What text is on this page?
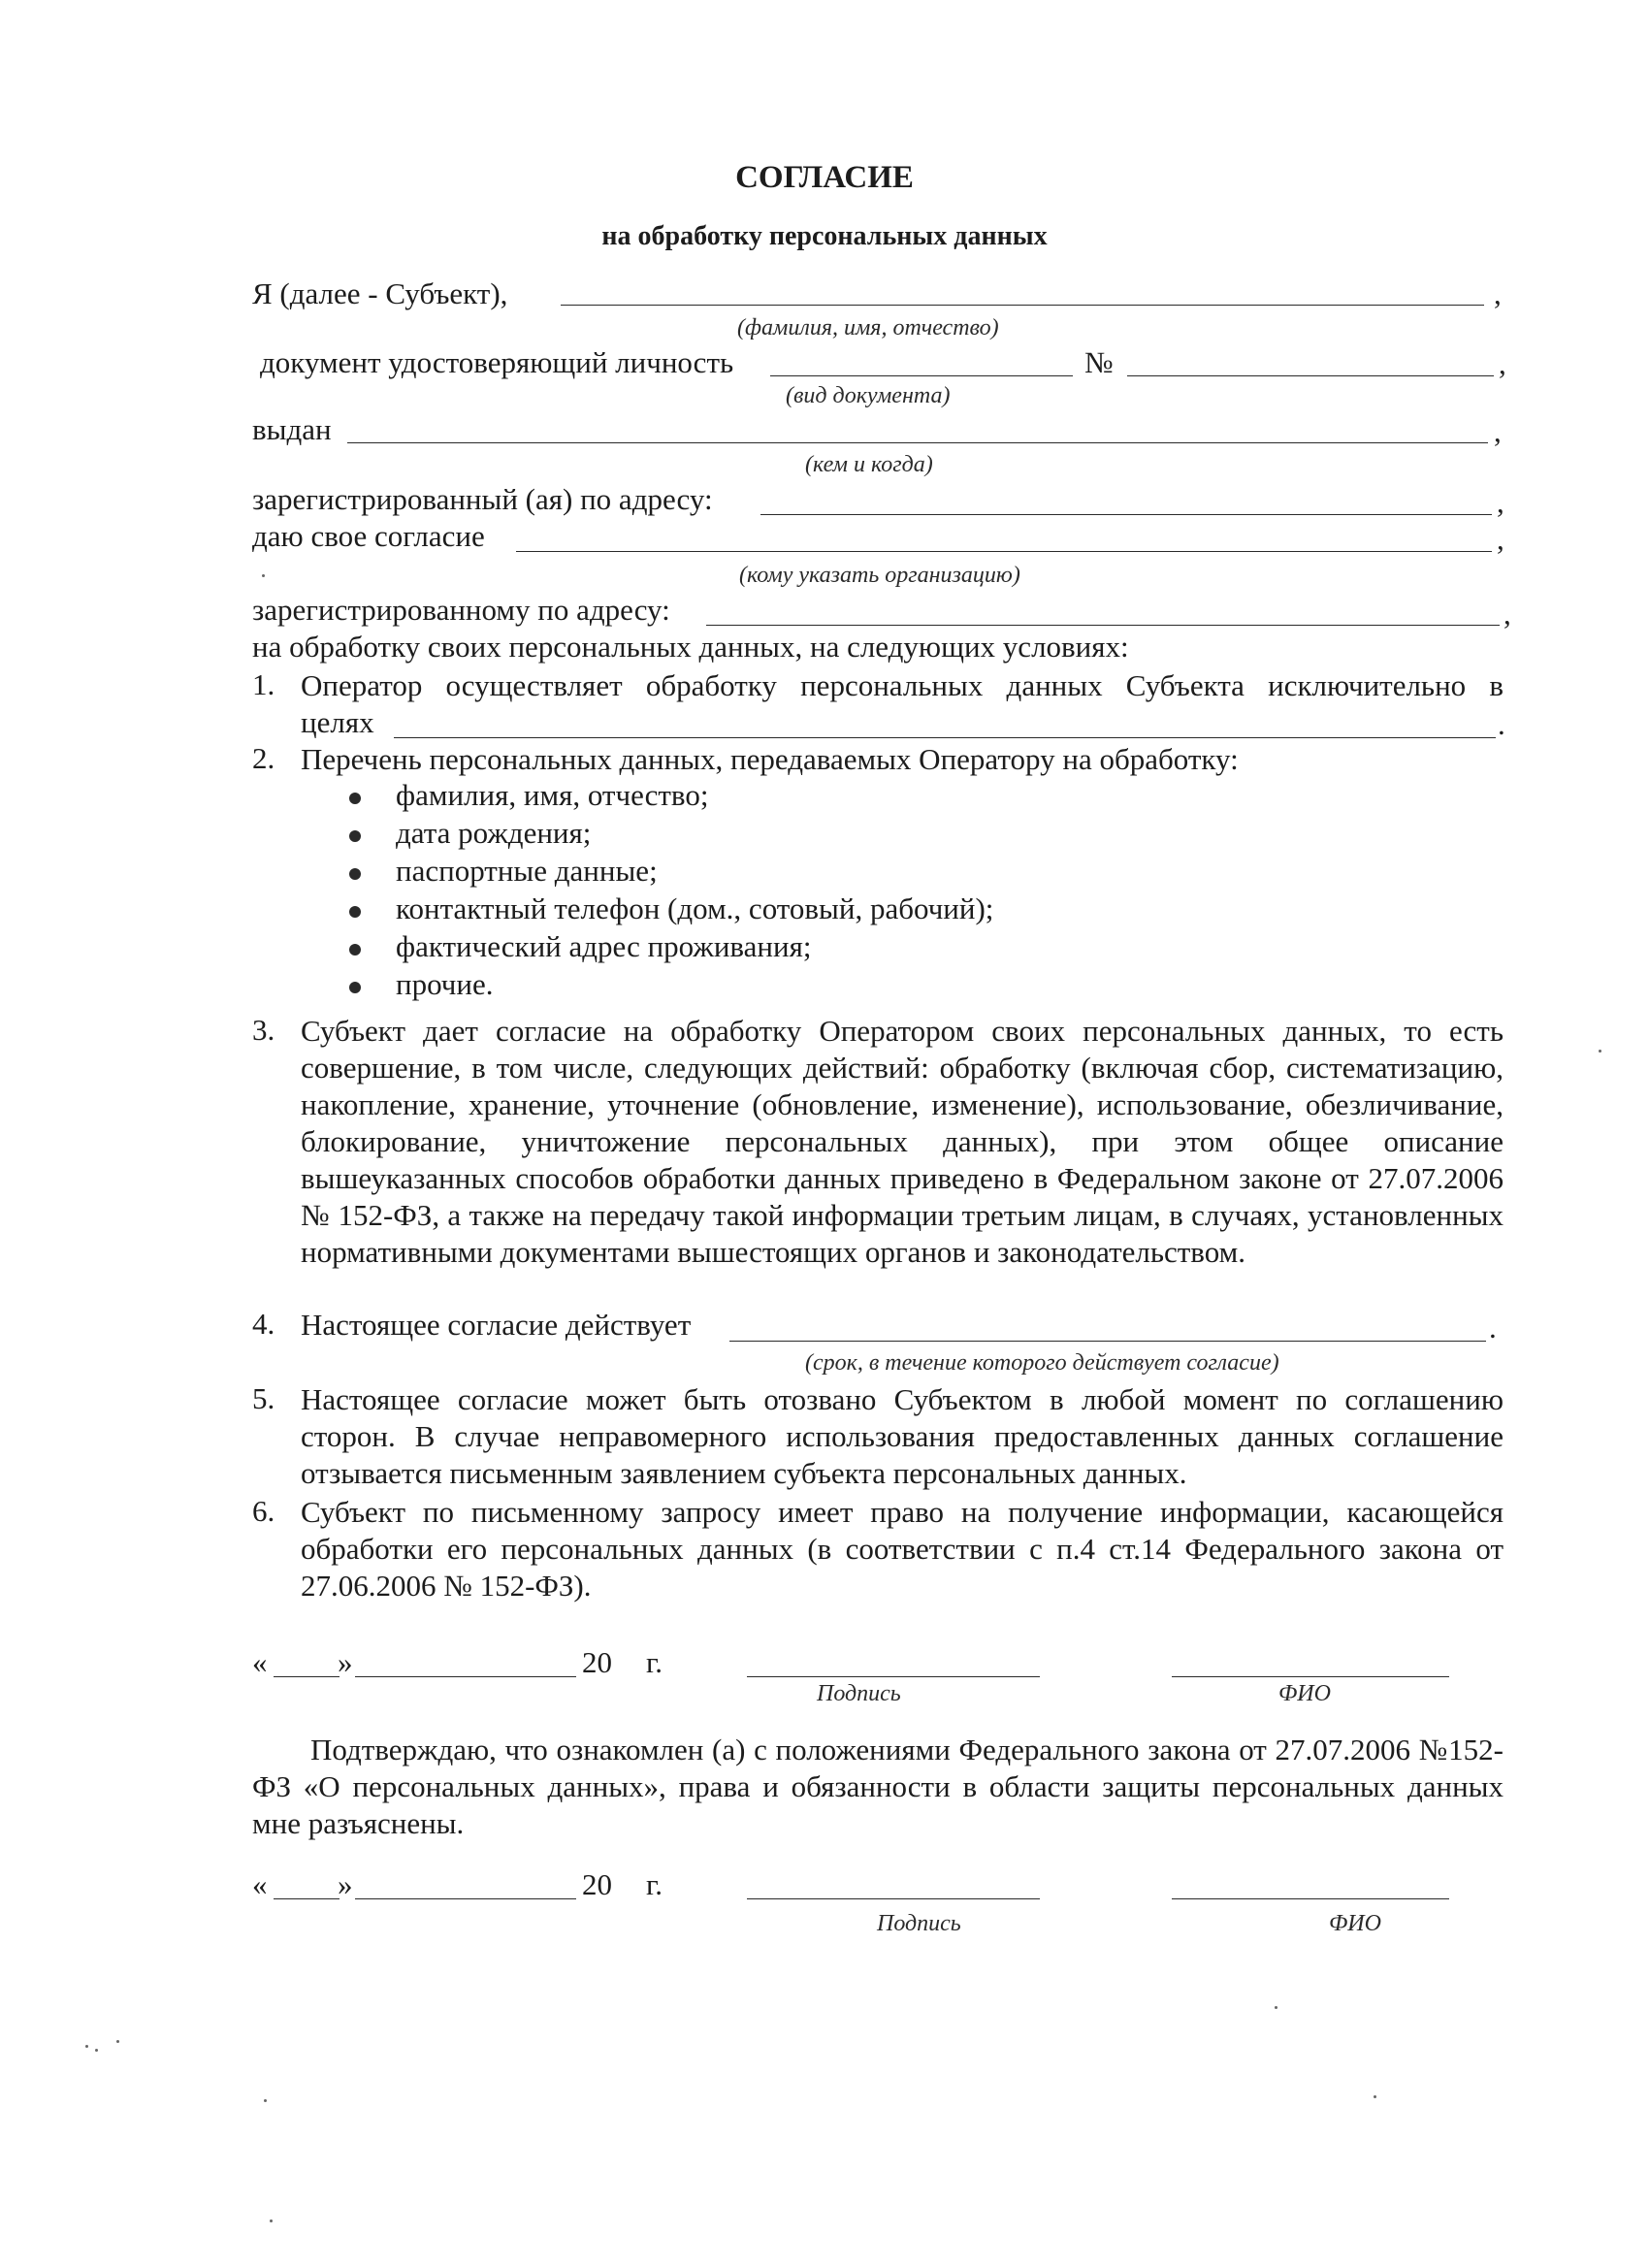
СОГЛАСИЕ
на обработку персональных данных
Я (далее - Субъект),	,
(фамилия, имя, отчество)
документ удостоверяющий личность	№	,
(вид документа)
выдан	,
(кем и когда)
зарегистрированный (ая) по адресу:	,
даю свое согласие	,
(кому указать организацию)
зарегистрированному по адресу:	,
на обработку своих персональных данных, на следующих условиях:
1. Оператор осуществляет обработку персональных данных Субъекта исключительно в
целях	.
2. Перечень персональных данных, передаваемых Оператору на обработку:
фамилия, имя, отчество;
дата рождения;
паспортные данные;
контактный телефон (дом., сотовый, рабочий);
фактический адрес проживания;
прочие.
3. Субъект дает согласие на обработку Оператором своих персональных данных, то есть совершение, в том числе, следующих действий: обработку (включая сбор, систематизацию, накопление, хранение, уточнение (обновление, изменение), использование, обезличивание, блокирование, уничтожение персональных данных), при этом общее описание вышеуказанных способов обработки данных приведено в Федеральном законе от 27.07.2006 № 152-ФЗ, а также на передачу такой информации третьим лицам, в случаях, установленных нормативными документами вышестоящих органов и законодательством.
4. Настоящее согласие действует	.
(срок, в течение которого действует согласие)
5. Настоящее согласие может быть отозвано Субъектом в любой момент по соглашению сторон. В случае неправомерного использования предоставленных данных соглашение отзывается письменным заявлением субъекта персональных данных.
6. Субъект по письменному запросу имеет право на получение информации, касающейся обработки его персональных данных (в соответствии с п.4 ст.14 Федерального закона от 27.06.2006 № 152-ФЗ).
« »	20 г.
Подпись	ФИО
Подтверждаю, что ознакомлен (а) с положениями Федерального закона от 27.07.2006 №152-ФЗ «О персональных данных», права и обязанности в области защиты персональных данных мне разъяснены.
« »	20 г.
Подпись	ФИО
